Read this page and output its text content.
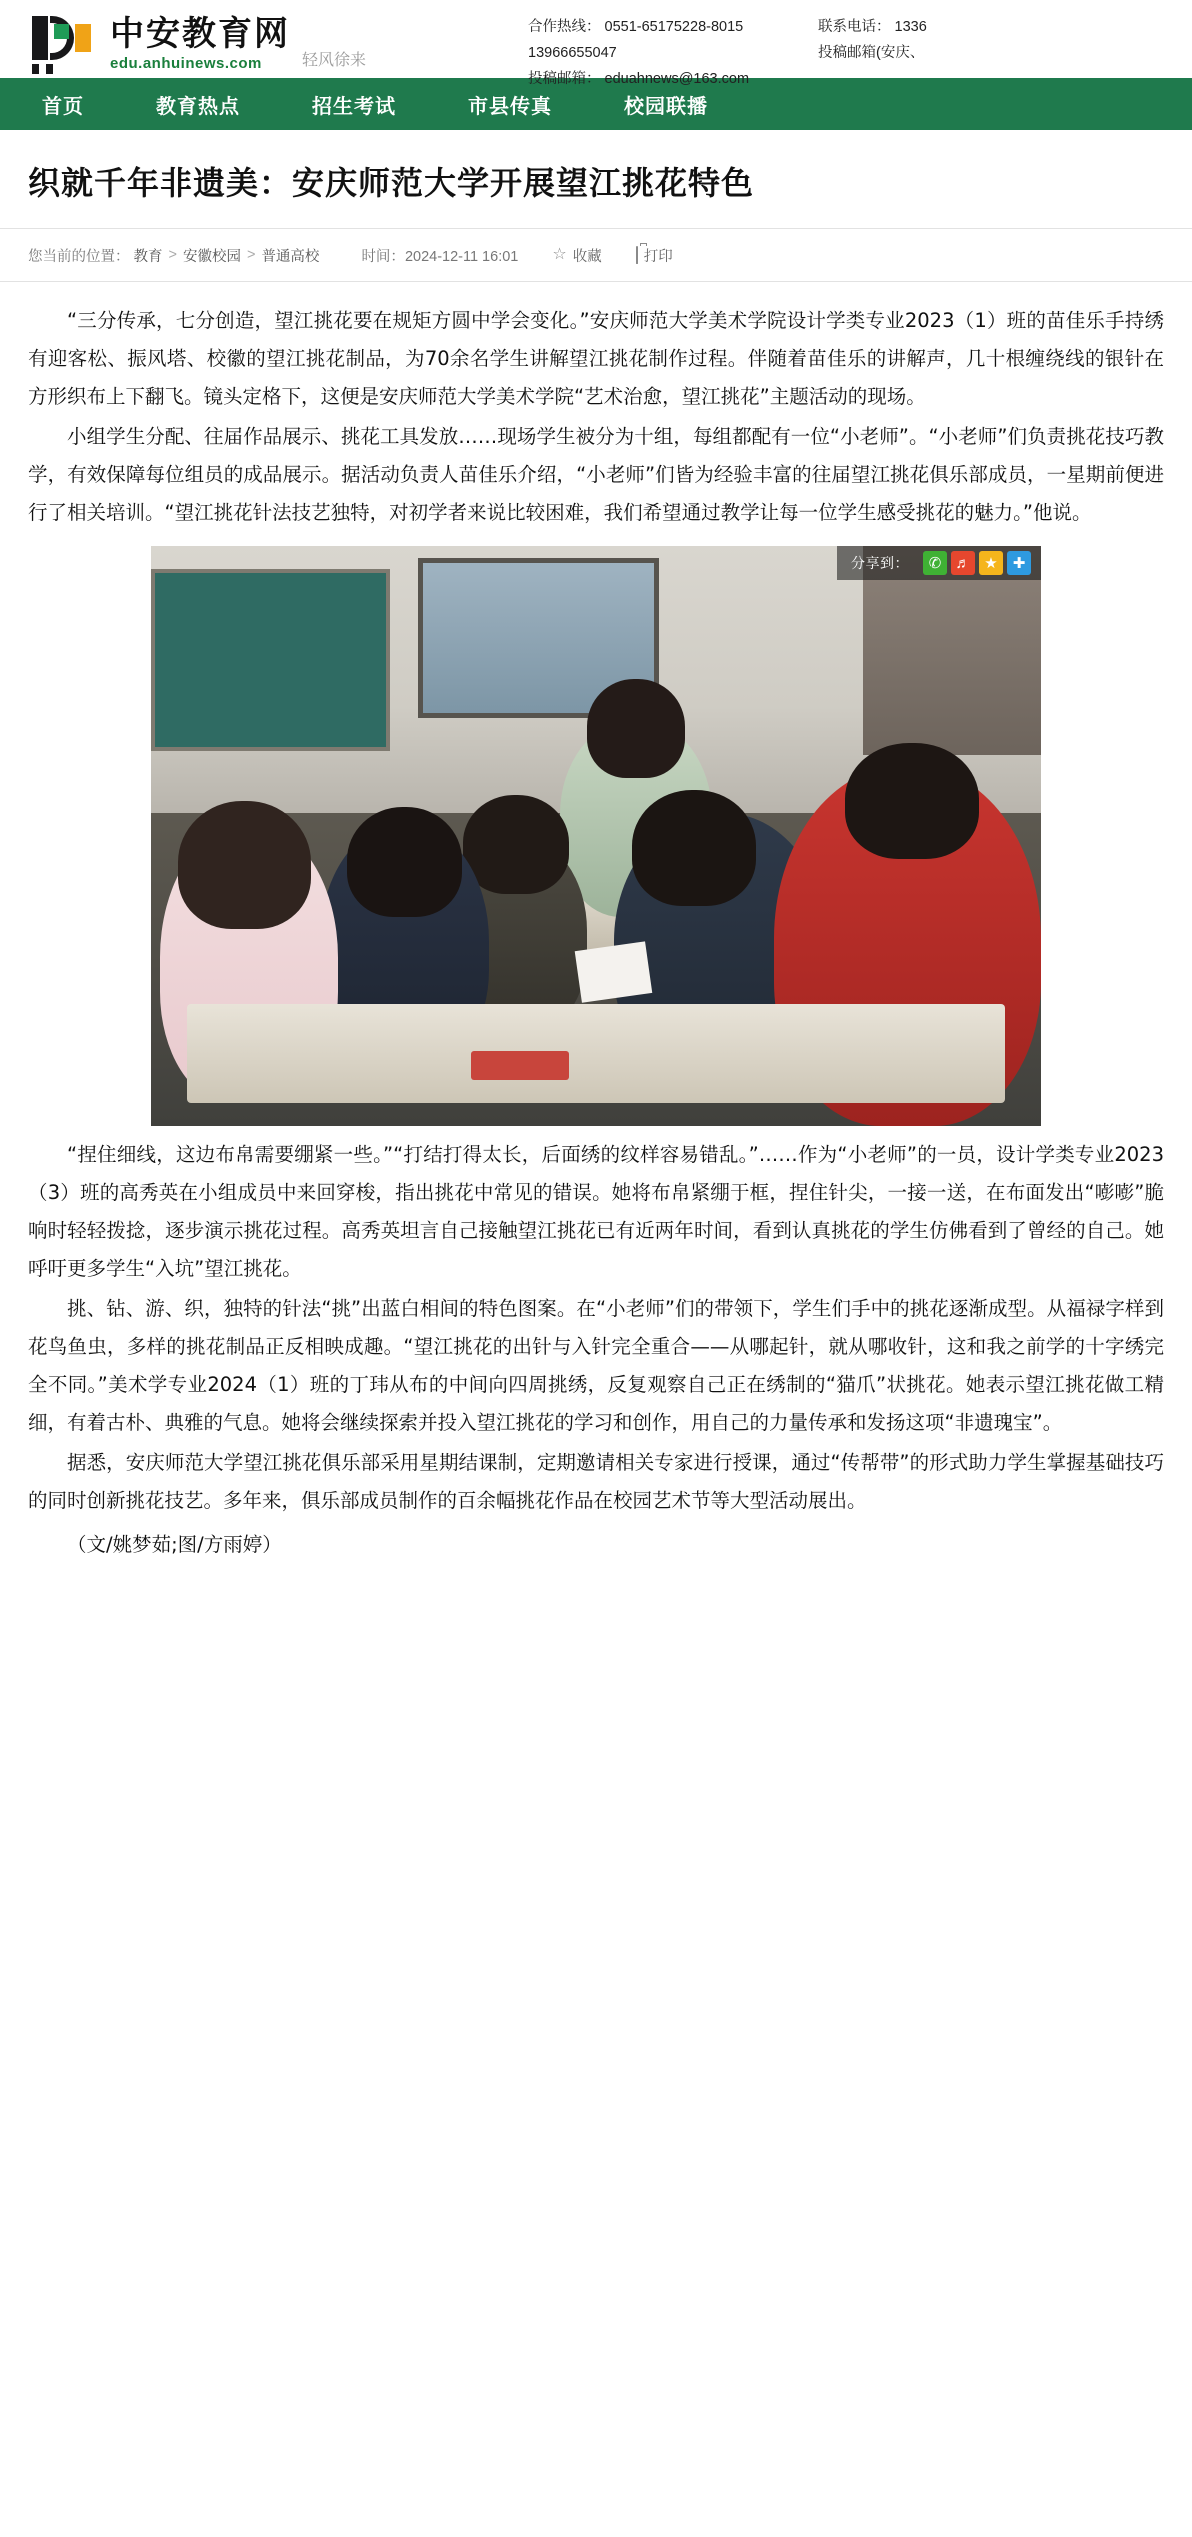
中安教育网
edu.anhuinews.com	轻风徐来
合作热线： 0551-65175228-8015 13966655047
投稿邮箱： eduahnews@163.com
联系电话： 1336
投稿邮箱(安庆、
首页	教育热点	招生考试	市县传真	校园联播
织就千年非遗美：安庆师范大学开展望江挑花特色
您当前的位置： 教育 > 安徽校园 > 普通高校	时间：2024-12-11 16:01 ☆ 收藏	打印

“三分传承，七分创造，望江挑花要在规矩方圆中学会变化。”安庆师范大学美术学院设计学类专业2023（1）班的苗佳乐手持绣有迎客松、振风塔、校徽的望江挑花制品，为70余名学生讲解望江挑花制作过程。伴随着苗佳乐的讲解声，几十根缠绕线的银针在方形织布上下翻飞。镜头定格下，这便是安庆师范大学美术学院“艺术治愈，望江挑花”主题活动的现场。

小组学生分配、往届作品展示、挑花工具发放……现场学生被分为十组，每组都配有一位“小老师”。“小老师”们负责挑花技巧教学，有效保障每位组员的成品展示。据活动负责人苗佳乐介绍，“小老师”们皆为经验丰富的往届望江挑花俱乐部成员，一星期前便进行了相关培训。“望江挑花针法技艺独特，对初学者来说比较困难，我们希望通过教学让每一位学生感受挑花的魅力。”他说。

分享到：	✆ ♬ ★ ✚

“捏住细线，这边布帛需要绷紧一些。”“打结打得太长，后面绣的纹样容易错乱。”……作为“小老师”的一员，设计学类专业2023（3）班的高秀英在小组成员中来回穿梭，指出挑花中常见的错误。她将布帛紧绷于框，捏住针尖，一接一送，在布面发出“嘭嘭”脆响时轻轻拨捻，逐步演示挑花过程。高秀英坦言自己接触望江挑花已有近两年时间，看到认真挑花的学生仿佛看到了曾经的自己。她呼吁更多学生“入坑”望江挑花。

挑、钻、游、织，独特的针法“挑”出蓝白相间的特色图案。在“小老师”们的带领下，学生们手中的挑花逐渐成型。从福禄字样到花鸟鱼虫，多样的挑花制品正反相映成趣。“望江挑花的出针与入针完全重合——从哪起针，就从哪收针，这和我之前学的十字绣完全不同。”美术学专业2024（1）班的丁玮从布的中间向四周挑绣，反复观察自己正在绣制的“猫爪”状挑花。她表示望江挑花做工精细，有着古朴、典雅的气息。她将会继续探索并投入望江挑花的学习和创作，用自己的力量传承和发扬这项“非遗瑰宝”。

据悉，安庆师范大学望江挑花俱乐部采用星期结课制，定期邀请相关专家进行授课，通过“传帮带”的形式助力学生掌握基础技巧的同时创新挑花技艺。多年来，俱乐部成员制作的百余幅挑花作品在校园艺术节等大型活动展出。

（文/姚梦茹;图/方雨婷）
